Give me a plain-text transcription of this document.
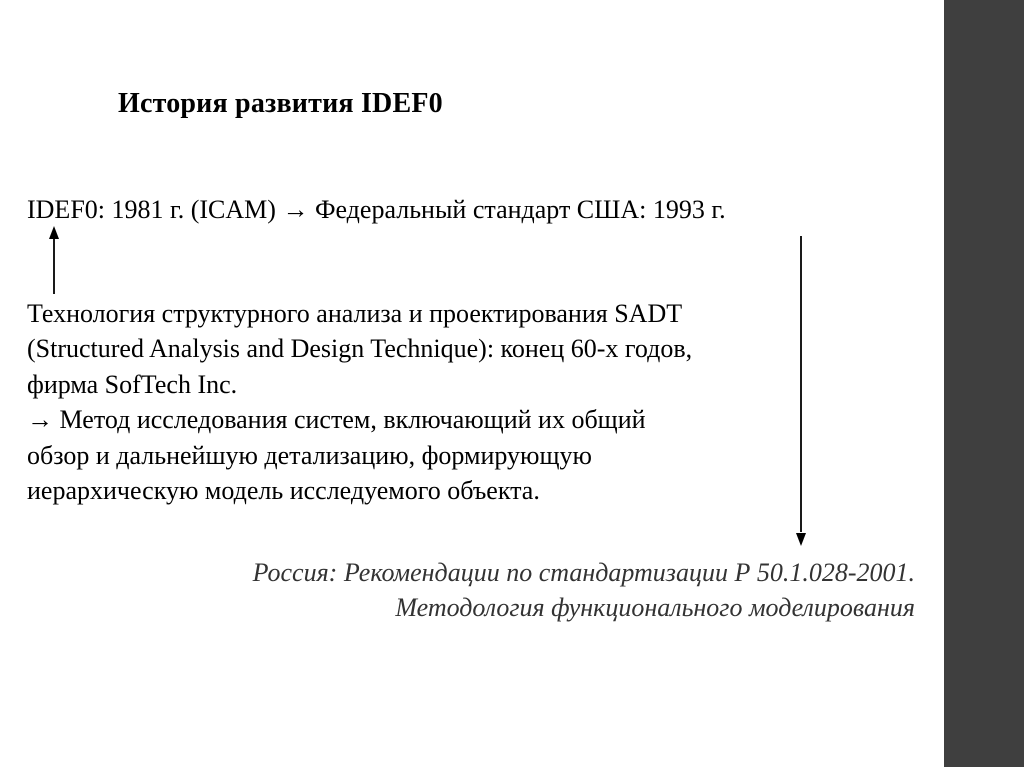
История развития IDEF0
IDEF0: 1981 г. (ICAM) → Федеральный стандарт США: 1993 г.
Технология структурного анализа и проектирования SADT
(Structured Analysis and Design Technique): конец 60-х годов,
фирма SofTech Inc.
→ Метод исследования систем, включающий их общий
обзор и дальнейшую детализацию, формирующую
иерархическую модель исследуемого объекта.
Россия: Рекомендации по стандартизации Р 50.1.028-2001.
Методология функционального моделирования
